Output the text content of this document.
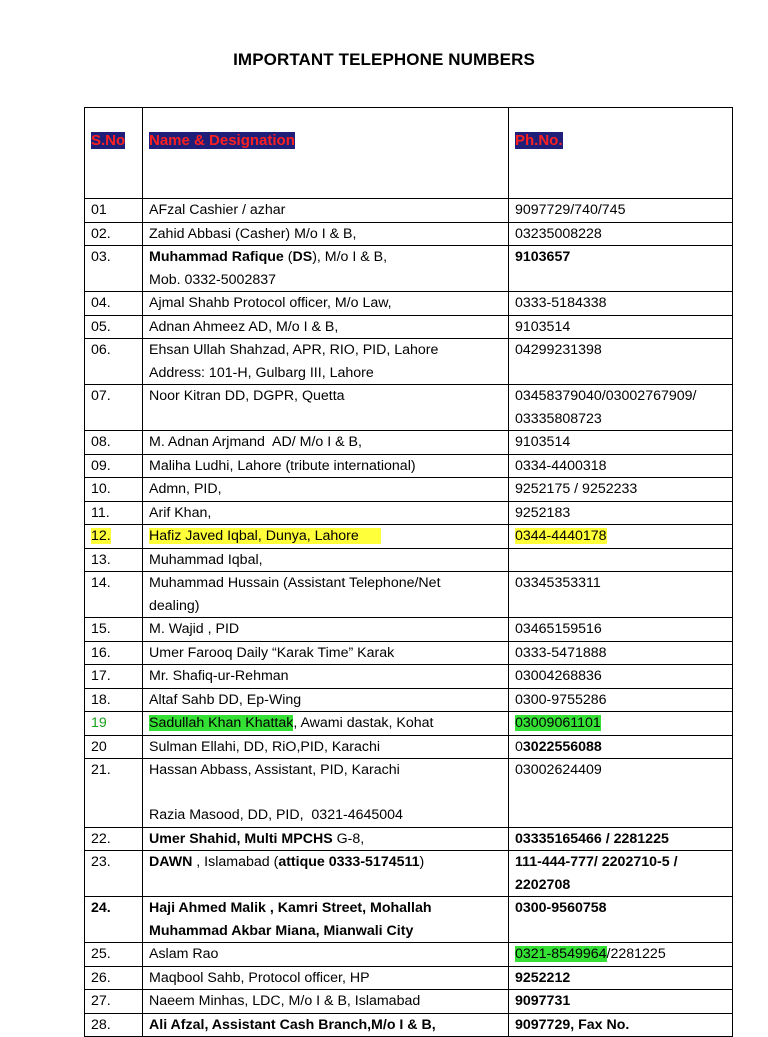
IMPORTANT TELEPHONE NUMBERS
S.No	Name & Designation	Ph.No.
01	AFzal Cashier / azhar	9097729/740/745
02.	Zahid Abbasi (Casher) M/o I & B,	03235008228
03.	Muhammad Rafique (DS), M/o I & B,
Mob. 0332-5002837	9103657
04.	Ajmal Shahb Protocol officer, M/o Law,	0333-5184338
05.	Adnan Ahmeez AD, M/o I & B,	9103514
06.	Ehsan Ullah Shahzad, APR, RIO, PID, Lahore
Address: 101-H, Gulbarg III, Lahore	04299231398
07.	Noor Kitran DD, DGPR, Quetta	03458379040/03002767909/
03335808723
08.	M. Adnan Arjmand  AD/ M/o I & B,	9103514
09.	Maliha Ludhi, Lahore (tribute international)	0334-4400318
10.	Admn, PID,	9252175 / 9252233
11.	Arif Khan,	9252183
12.	Hafiz Javed Iqbal, Dunya, Lahore	0344-4440178
13.	Muhammad Iqbal,	
14.	Muhammad Hussain (Assistant Telephone/Net
dealing)	03345353311
15.	M. Wajid , PID	03465159516
16.	Umer Farooq Daily “Karak Time” Karak	0333-5471888
17.	Mr. Shafiq-ur-Rehman	03004268836
18.	Altaf Sahb DD, Ep-Wing	0300-9755286
19	Sadullah Khan Khattak, Awami dastak, Kohat	03009061101
20	Sulman Ellahi, DD, RiO,PID, Karachi	03022556088
21.	Hassan Abbass, Assistant, PID, Karachi
Razia Masood, DD, PID,  0321-4645004	03002624409
22.	Umer Shahid, Multi MPCHS G-8,	03335165466 / 2281225
23.	DAWN , Islamabad (attique 0333-5174511)	111-444-777/ 2202710-5 /
2202708
24.	Haji Ahmed Malik , Kamri Street, Mohallah
Muhammad Akbar Miana, Mianwali City	0300-9560758
25.	Aslam Rao	0321-8549964/2281225
26.	Maqbool Sahb, Protocol officer, HP	9252212
27.	Naeem Minhas, LDC, M/o I & B, Islamabad	9097731
28.	Ali Afzal, Assistant Cash Branch,M/o I & B,	9097729, Fax No.
